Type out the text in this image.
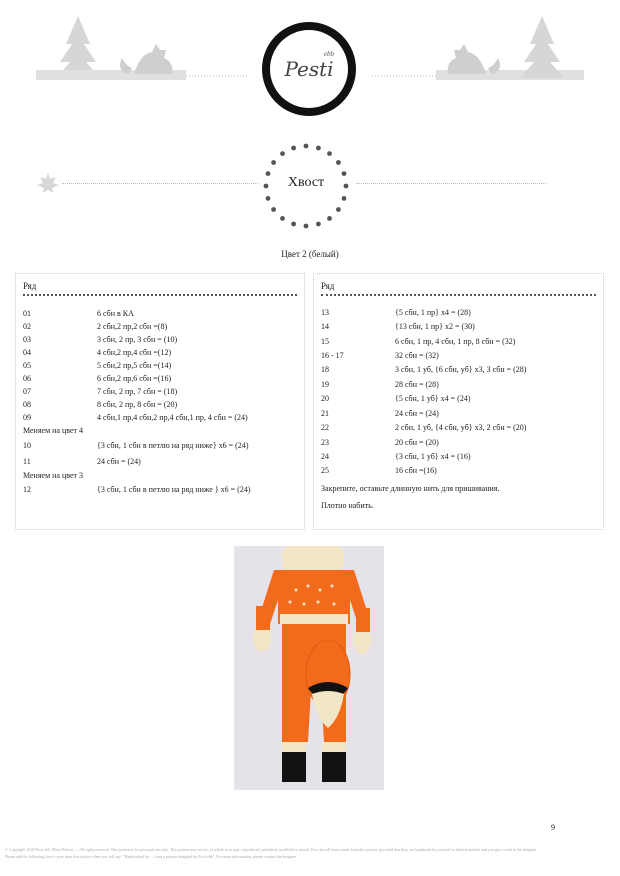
Pesti
ebb
Хвост
Цвет 2 (белый)
Ряд
01	6 сбн в КА
02	2 сбн,2 пр,2 сбн =(8)
03	3 сбн, 2 пр, 3 сбн = (10)
04	4 сбн,2 пр,4 сбн =(12)
05	5 сбн,2 пр,5 сбн =(14)
06	6 сбн,2 пр,6 сбн =(16)
07	7 сбн, 2 пр, 7 сбн = (18)
08	8 сбн, 2 пр, 8 сбн = (20)
09	4 сбн,1 пр,4 сбн,2 пр,4 сбн,1 пр, 4 сбн = (24)
Меняем на цвет 4
10	{3 сбн, 1 сбн в петлю на ряд ниже} х6 = (24)
11	24 сбн = (24)
Меняем на цвет 3
12	{3 сбн, 1 сбн в петлю на ряд ниже } х6 = (24)
Ряд
13	{5 сбн, 1 пр} х4 = (28)
14	{13 сбн, 1 пр} х2 = (30)
15	6 сбн, 1 пр, 4 сбн, 1 пр, 8 сбн = (32)
16 - 17	32 сбн = (32)
18	3 сбн, 1 уб, {6 сбн, уб} х3, 3 сбн = (28)
19	28 сбн = (28)
20	{5 сбн, 1 уб} х4 = (24)
21	24 сбн = (24)
22	2 сбн, 1 уб, {4 сбн, уб} х3, 2 сбн = (20)
23	20 сбн = (20)
24	{3 сбн, 1 уб} х4 = (16)
25	16 сбн =(16)
Закрепите, оставьте длинную нить для пришивания.
Плотно набить.
9
© Copyright 2018 Pesti ebb, Ellen Dekens — All rights reserved. This pattern is for personal use only. This pattern may not be, in whole or in part, reproduced, published, modified or resold. You can sell items made from this pattern, provided that they are handmade by yourself in limited number and you give credit to the designer.
Please add the following line to your item description when you sell any: "Handcrafted by ... from a pattern designed by Pesti ebb". For more information, please contact the designer.
